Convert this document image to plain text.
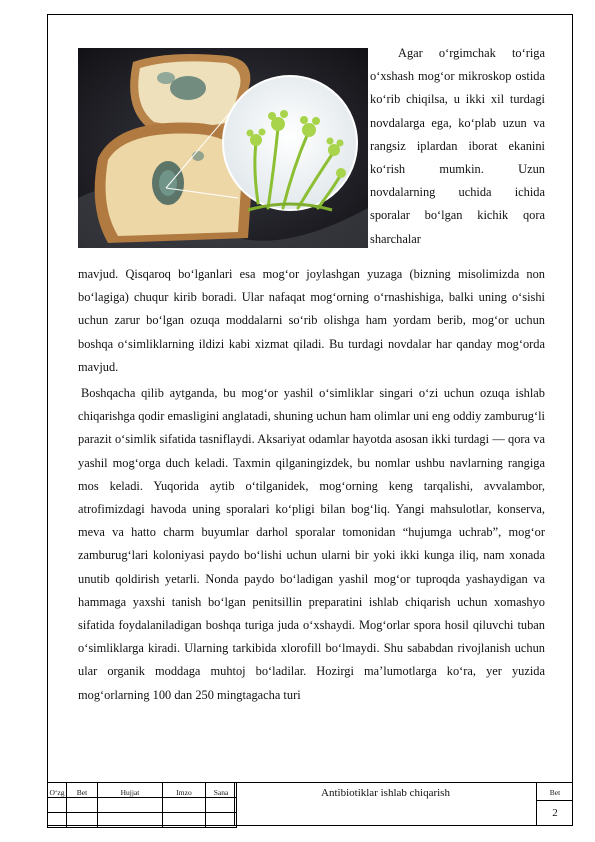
Agar o‘rgimchak to‘riga o‘xshash mog‘or mikroskop ostida ko‘rib chiqilsa, u ikki xil turdagi novdalarga ega, ko‘plab uzun va rangsiz iplardan iborat ekanini ko‘rish mumkin. Uzun novdalarning uchida ichida sporalar bo‘lgan kichik qora sharchalar

mavjud. Qisqaroq bo‘lganlari esa mog‘or joylashgan yuzaga (bizning misolimizda non bo‘lagiga) chuqur kirib boradi. Ular nafaqat mog‘orning o‘rnashishiga, balki uning o‘sishi uchun zarur bo‘lgan ozuqa moddalarni so‘rib olishga ham yordam berib, mog‘or uchun boshqa o‘simliklarning ildizi kabi xizmat qiladi. Bu turdagi novdalar har qanday mog‘orda mavjud.

Boshqacha qilib aytganda, bu mog‘or yashil o‘simliklar singari o‘zi uchun ozuqa ishlab chiqarishga qodir emasligini anglatadi, shuning uchun ham olimlar uni eng oddiy zamburug‘li parazit o‘simlik sifatida tasniflaydi. Aksariyat odamlar hayotda asosan ikki turdagi — qora va yashil mog‘orga duch keladi. Taxmin qilganingizdek, bu nomlar ushbu navlarning rangiga mos keladi. Yuqorida aytib o‘tilganidek, mog‘orning keng tarqalishi, avvalambor, atrofimizdagi havoda uning sporalari ko‘pligi bilan bog‘liq. Yangi mahsulotlar, konserva, meva va hatto charm buyumlar darhol sporalar tomonidan “hujumga uchrab”, mog‘or zamburug‘lari koloniyasi paydo bo‘lishi uchun ularni bir yoki ikki kunga iliq, nam xonada unutib qoldirish yetarli. Nonda paydo bo‘ladigan yashil mog‘or tuproqda yashaydigan va hammaga yaxshi tanish bo‘lgan penitsillin preparatini ishlab chiqarish uchun xomashyo sifatida foydalaniladigan boshqa turiga juda o‘xshaydi. Mog‘orlar spora hosil qiluvchi tuban o‘simliklarga kiradi. Ularning tarkibida xlorofill bo‘lmaydi. Shu sababdan rivojlanish uchun ular organik moddaga muhtoj bo‘ladilar. Hozirgi ma’lumotlarga ko‘ra, yer yuzida mog‘orlarning 100 dan 250 mingtagacha turi

O‘zg	Bet	Hujjat	Imzo	Sana

					Antibiotiklar ishlab chiqarish	Bet
2
